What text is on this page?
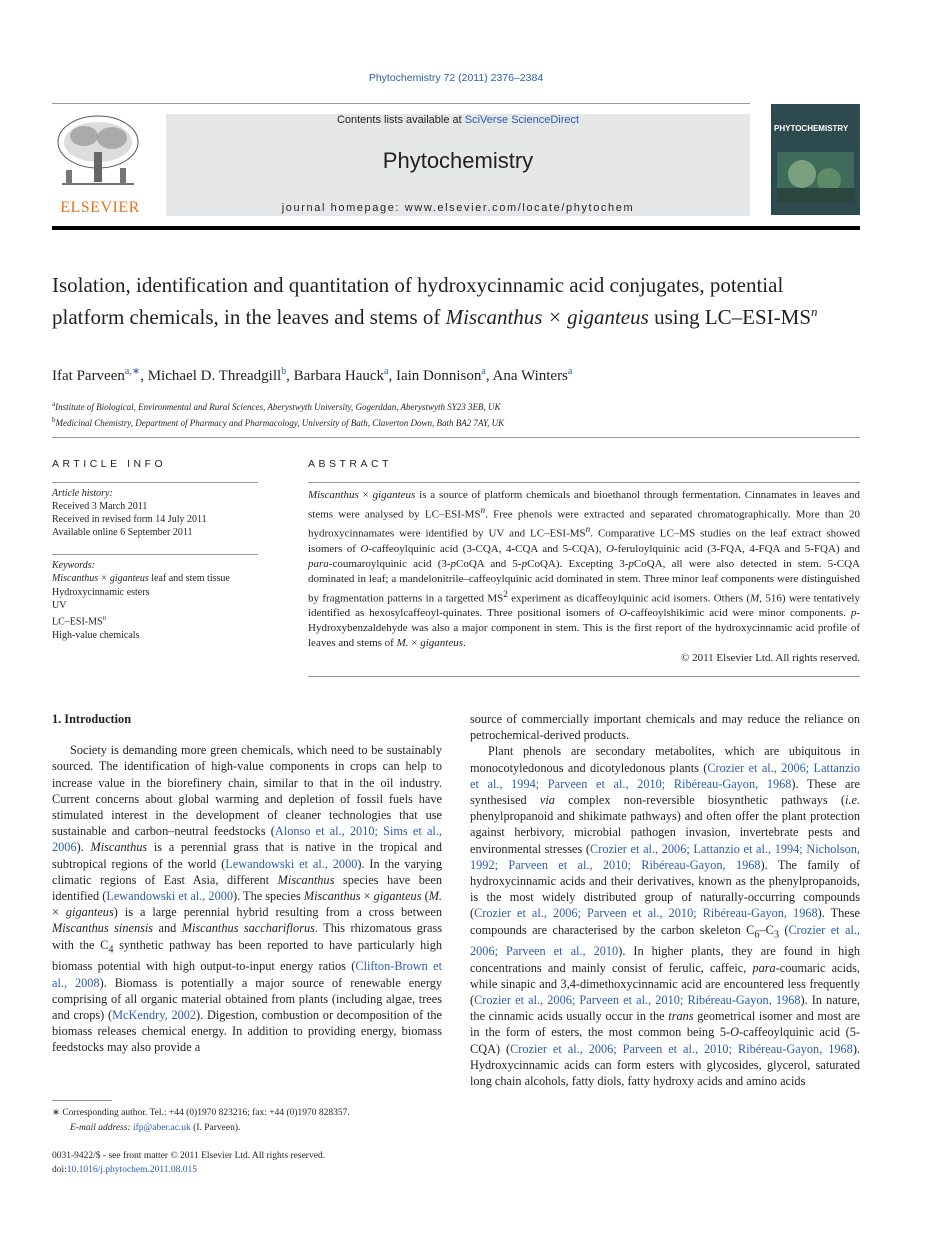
Phytochemistry 72 (2011) 2376–2384
ELSEVIER
Contents lists available at SciVerse ScienceDirect
Phytochemistry
journal homepage: www.elsevier.com/locate/phytochem
PHYTOCHEMISTRY
Isolation, identification and quantitation of hydroxycinnamic acid conjugates, potential platform chemicals, in the leaves and stems of Miscanthus × giganteus using $LC-ESI-MS^n$
Ifat Parveen$^{a,∗}$, Michael D. Threadgill$^b$, Barbara Hauck$^a$, Iain Donnison$^a$, Ana Winters$^a$
$^a$Institute of Biological, Environmental and Rural Sciences, Aberystwyth University, Gogerddan, Aberystwyth SY23 3EB, UK
$^b$Medicinal Chemistry, Department of Pharmacy and Pharmacology, University of Bath, Claverton Down, Bath BA2 7AY, UK
ARTICLE INFO	ABSTRACT
Article history:
Received 3 March 2011
Received in revised form 14 July 2011
Available online 6 September 2011
Keywords:
Miscanthus × giganteus leaf and stem tissue
Hydroxycinnamic esters
UV
$LC-ESI-MS^n$
High-value chemicals
Miscanthus × giganteus is a source of platform chemicals and bioethanol through fermentation. Cinnamates in leaves and stems were analysed by $LC-ESI-MS^n$. Free phenols were extracted and separated chromatographically. More than 20 hydroxycinnamates were identified by UV and $LC-ESI-MS^n$. Comparative LC–MS studies on the leaf extract showed isomers of O-caffeoylquinic acid (3-CQA, 4-CQA and 5-CQA), O-feruloylquinic acid (3-FQA, 4-FQA and 5-FQA) and para-coumaroylquinic acid (3-pCoQA and 5-pCoQA). Excepting 3-pCoQA, all were also detected in stem. 5-CQA dominated in leaf; a mandelonitrile–caffeoylquinic acid dominated in stem. Three minor leaf components were distinguished by fragmentation patterns in a targetted $MS^2$ experiment as dicaffeoylquinic acid isomers. Others (M, 516) were tentatively identified as hexosylcaffeoyl-quinates. Three positional isomers of O-caffeoylshikimic acid were minor components. p-Hydroxybenzaldehyde was also a major component in stem. This is the first report of the hydroxycinnamic acid profile of leaves and stems of M. × giganteus.
© 2011 Elsevier Ltd. All rights reserved.

1. Introduction

Society is demanding more green chemicals, which need to be sustainably sourced. The identification of high-value components in crops can help to increase value in the biorefinery chain, similar to that in the oil industry. Current concerns about global warming and depletion of fossil fuels have stimulated interest in the development of cleaner technologies that use sustainable and carbon–neutral feedstocks (Alonso et al., 2010; Sims et al., 2006). Miscanthus is a perennial grass that is native in the tropical and subtropical regions of the world (Lewandowski et al., 2000). In the varying climatic regions of East Asia, different Miscanthus species have been identified (Lewandowski et al., 2000). The species Miscanthus × giganteus (M. × giganteus) is a large perennial hybrid resulting from a cross between Miscanthus sinensis and Miscanthus sacchariflorus. This rhizomatous grass with the $C_4$ synthetic pathway has been reported to have particularly high biomass potential with high output-to-input energy ratios (Clifton-Brown et al., 2008). Biomass is potentially a major source of renewable energy comprising of all organic material obtained from plants (including algae, trees and crops) (McKendry, 2002). Digestion, combustion or decomposition of the biomass releases chemical energy. In addition to providing energy, biomass feedstocks may also provide a

source of commercially important chemicals and may reduce the reliance on petrochemical-derived products.

Plant phenols are secondary metabolites, which are ubiquitous in monocotyledonous and dicotyledonous plants (Crozier et al., 2006; Lattanzio et al., 1994; Parveen et al., 2010; Ribéreau-Gayon, 1968). These are synthesised via complex non-reversible biosynthetic pathways (i.e. phenylpropanoid and shikimate pathways) and often offer the plant protection against herbivory, microbial pathogen invasion, invertebrate pests and environmental stresses (Crozier et al., 2006; Lattanzio et al., 1994; Nicholson, 1992; Parveen et al., 2010; Ribéreau-Gayon, 1968). The family of hydroxycinnamic acids and their derivatives, known as the phenylpropanoids, is the most widely distributed group of naturally-occurring compounds (Crozier et al., 2006; Parveen et al., 2010; Ribéreau-Gayon, 1968). These compounds are characterised by the carbon skeleton $C_6-C_3$ (Crozier et al., 2006; Parveen et al., 2010). In higher plants, they are found in high concentrations and mainly consist of ferulic, caffeic, para-coumaric acids, while sinapic and 3,4-dimethoxycinnamic acid are encountered less frequently (Crozier et al., 2006; Parveen et al., 2010; Ribéreau-Gayon, 1968). In nature, the cinnamic acids usually occur in the trans geometrical isomer and most are in the form of esters, the most common being 5-O-caffeoylquinic acid (5-CQA) (Crozier et al., 2006; Parveen et al., 2010; Ribéreau-Gayon, 1968). Hydroxycinnamic acids can form esters with glycosides, glycerol, saturated long chain alcohols, fatty diols, fatty hydroxy acids and amino acids

∗ Corresponding author. Tel.: +44 (0)1970 823216; fax: +44 (0)1970 828357.
E-mail address: ifp@aber.ac.uk (I. Parveen).
0031-9422/$ - see front matter © 2011 Elsevier Ltd. All rights reserved.
doi:10.1016/j.phytochem.2011.08.015
